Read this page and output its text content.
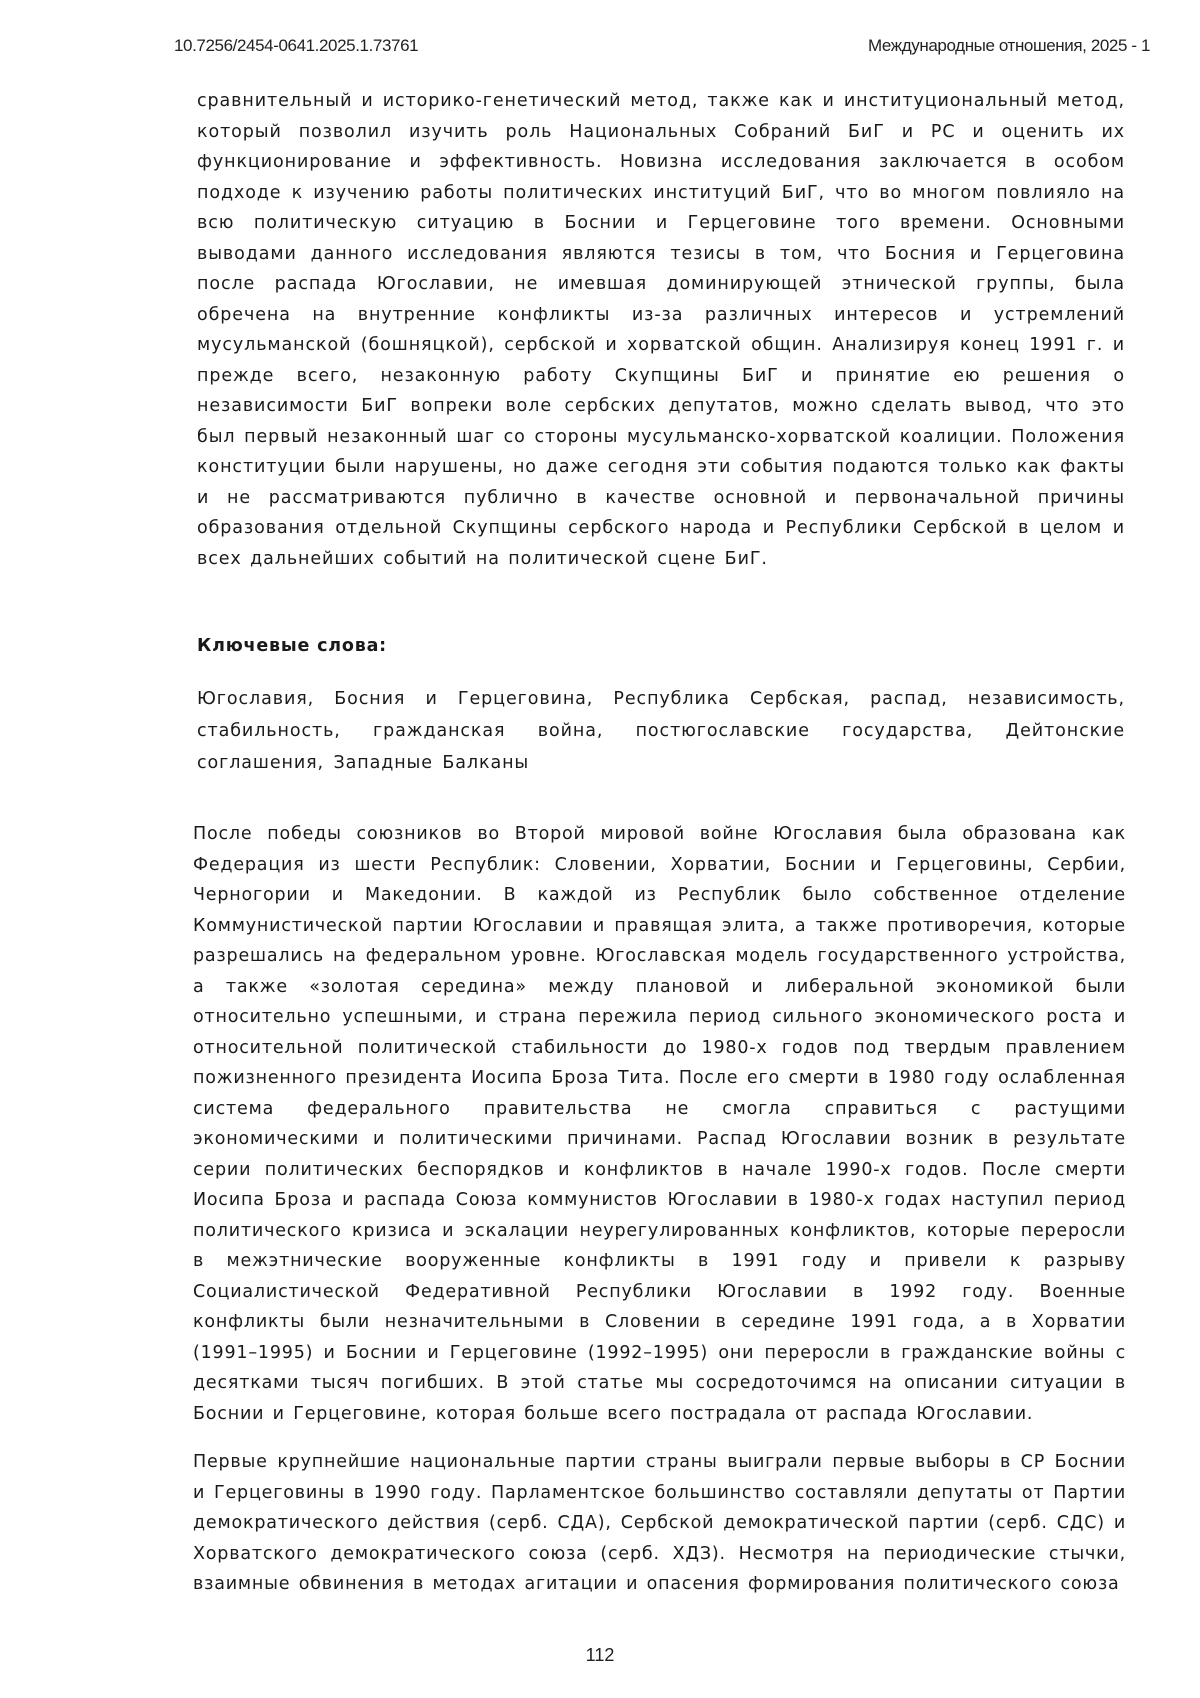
10.7256/2454-0641.2025.1.73761	Международные отношения, 2025 - 1

сравнительный и историко-генетический метод, также как и институциональный метод, который позволил изучить роль Национальных Собраний БиГ и РС и оценить их функционирование и эффективность. Новизна исследования заключается в особом подходе к изучению работы политических институций БиГ, что во многом повлияло на всю политическую ситуацию в Боснии и Герцеговине того времени. Основными выводами данного исследования являются тезисы в том, что Босния и Герцеговина после распада Югославии, не имевшая доминирующей этнической группы, была обречена на внутренние конфликты из-за различных интересов и устремлений мусульманской (бошняцкой), сербской и хорватской общин. Анализируя конец 1991 г. и прежде всего, незаконную работу Скупщины БиГ и принятие ею решения о независимости БиГ вопреки воле сербских депутатов, можно сделать вывод, что это был первый незаконный шаг со стороны мусульманско-хорватской коалиции. Положения конституции были нарушены, но даже сегодня эти события подаются только как факты и не рассматриваются публично в качестве основной и первоначальной причины образования отдельной Скупщины сербского народа и Республики Сербской в целом и всех дальнейших событий на политической сцене БиГ.

Ключевые слова:

Югославия, Босния и Герцеговина, Республика Сербская, распад, независимость, стабильность, гражданская война, постюгославские государства, Дейтонские соглашения, Западные Балканы

После победы союзников во Второй мировой войне Югославия была образована как Федерация из шести Республик: Словении, Хорватии, Боснии и Герцеговины, Сербии, Черногории и Македонии. В каждой из Республик было собственное отделение Коммунистической партии Югославии и правящая элита, а также противоречия, которые разрешались на федеральном уровне. Югославская модель государственного устройства, а также «золотая середина» между плановой и либеральной экономикой были относительно успешными, и страна пережила период сильного экономического роста и относительной политической стабильности до 1980-х годов под твердым правлением пожизненного президента Иосипа Броза Тита. После его смерти в 1980 году ослабленная система федерального правительства не смогла справиться с растущими экономическими и политическими причинами. Распад Югославии возник в результате серии политических беспорядков и конфликтов в начале 1990-х годов. После смерти Иосипа Броза и распада Союза коммунистов Югославии в 1980-х годах наступил период политического кризиса и эскалации неурегулированных конфликтов, которые переросли в межэтнические вооруженные конфликты в 1991 году и привели к разрыву Социалистической Федеративной Республики Югославии в 1992 году. Военные конфликты были незначительными в Словении в середине 1991 года, а в Хорватии (1991–1995) и Боснии и Герцеговине (1992–1995) они переросли в гражданские войны с десятками тысяч погибших. В этой статье мы сосредоточимся на описании ситуации в Боснии и Герцеговине, которая больше всего пострадала от распада Югославии.

Первые крупнейшие национальные партии страны выиграли первые выборы в СР Боснии и Герцеговины в 1990 году. Парламентское большинство составляли депутаты от Партии демократического действия (серб. СДА), Сербской демократической партии (серб. СДС) и Хорватского демократического союза (серб. ХДЗ). Несмотря на периодические стычки, взаимные обвинения в методах агитации и опасения формирования политического союза

112
